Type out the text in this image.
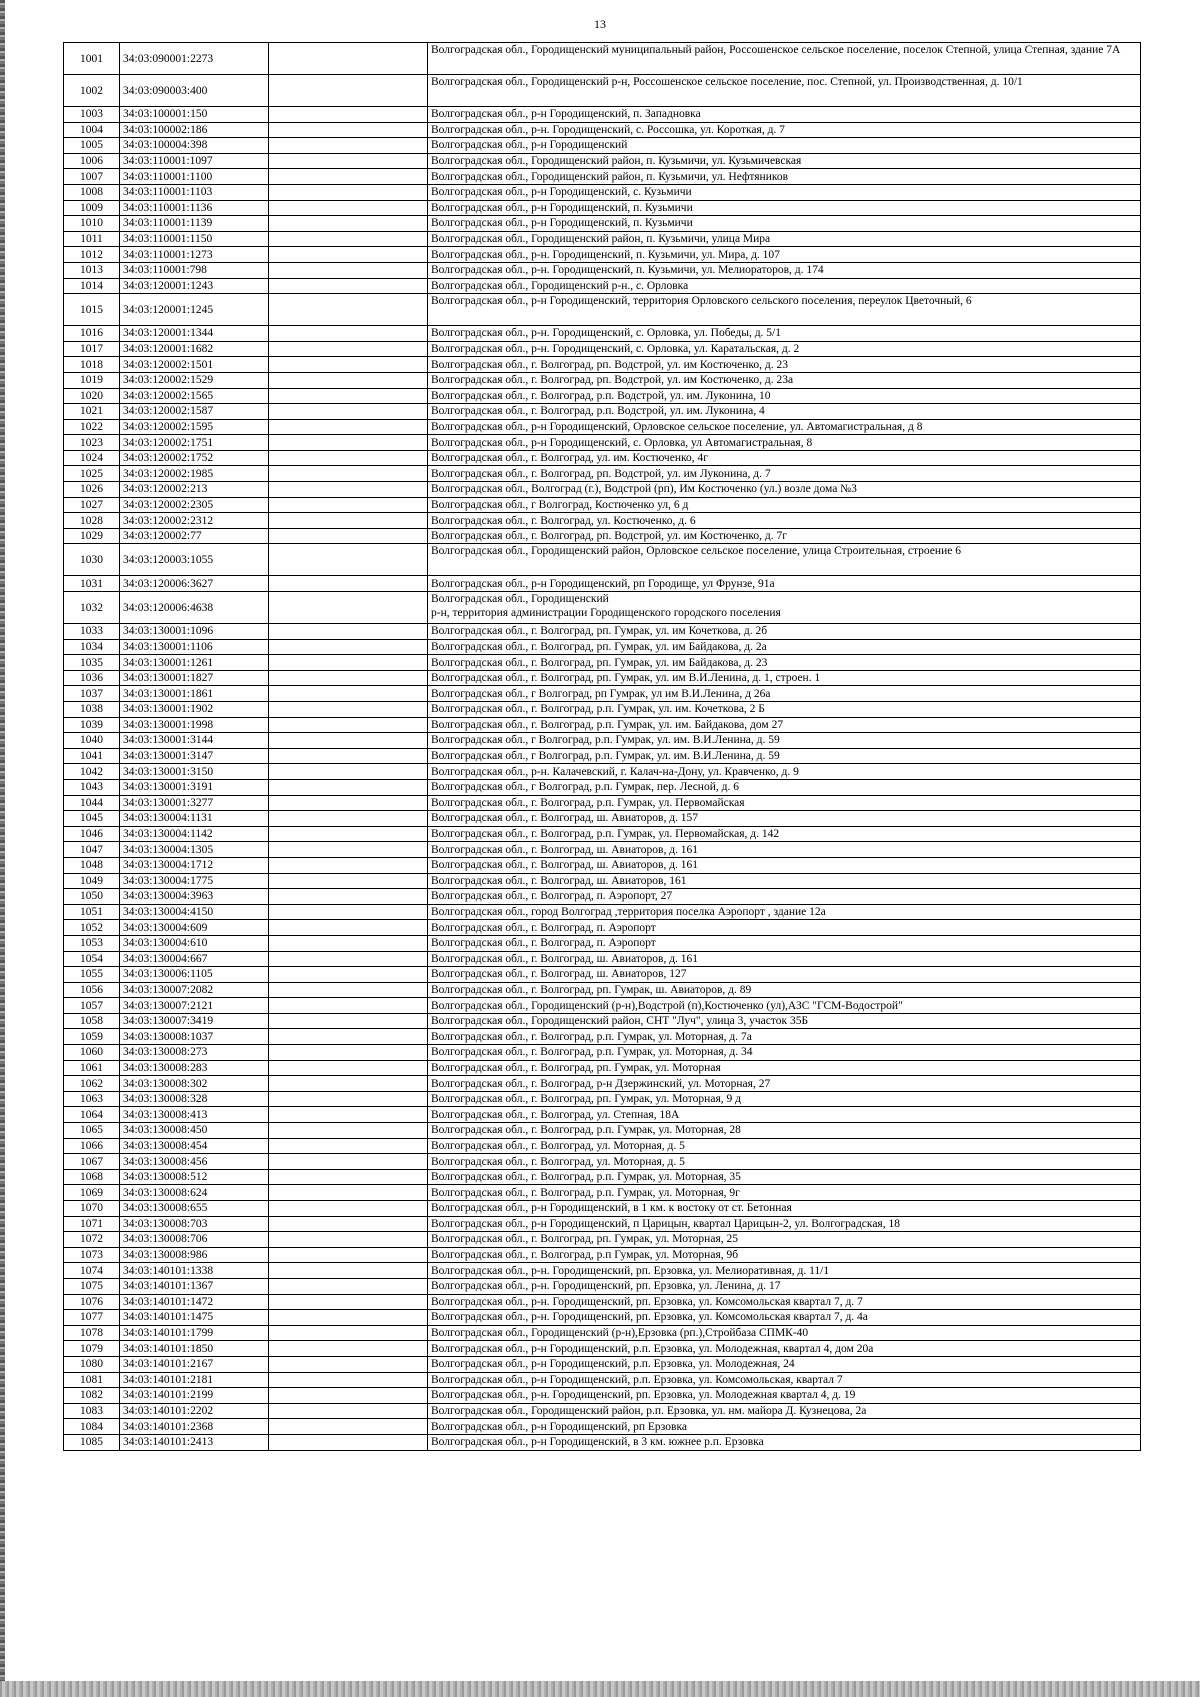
13
1001	34:03:090001:2273		Волгоградская обл., Городищенский муниципальный район, Россошенское сельское поселение, поселок Степной, улица Степная, здание 7А
1002	34:03:090003:400		Волгоградская обл., Городищенский р-н, Россошенское сельское поселение, пос. Степной, ул. Производственная, д. 10/1
1003	34:03:100001:150		Волгоградская обл., р-н Городищенский, п. Западновка
1004	34:03:100002:186		Волгоградская обл., р-н. Городищенский, с. Россошка, ул. Короткая, д. 7
1005	34:03:100004:398		Волгоградская обл., р-н Городищенский
1006	34:03:110001:1097		Волгоградская обл., Городищенский район, п. Кузьмичи, ул. Кузьмичевская
1007	34:03:110001:1100		Волгоградская обл., Городищенский район, п. Кузьмичи, ул. Нефтяников
1008	34:03:110001:1103		Волгоградская обл., р-н Городищенский, с. Кузьмичи
1009	34:03:110001:1136		Волгоградская обл., р-н Городищенский, п. Кузьмичи
1010	34:03:110001:1139		Волгоградская обл., р-н Городищенский, п. Кузьмичи
1011	34:03:110001:1150		Волгоградская обл., Городищенский район, п. Кузьмичи, улица Мира
1012	34:03:110001:1273		Волгоградская обл., р-н. Городищенский, п. Кузьмичи, ул. Мира, д. 107
1013	34:03:110001:798		Волгоградская обл., р-н. Городищенский, п. Кузьмичи, ул. Мелиораторов, д. 174
1014	34:03:120001:1243		Волгоградская обл., Городищенский р-н., с. Орловка
1015	34:03:120001:1245		Волгоградская обл., р-н Городищенский, территория Орловского сельского поселения, переулок Цветочный, 6
1016	34:03:120001:1344		Волгоградская обл., р-н. Городищенский, с. Орловка, ул. Победы, д. 5/1
1017	34:03:120001:1682		Волгоградская обл., р-н. Городищенский, с. Орловка, ул. Каратальская, д. 2
1018	34:03:120002:1501		Волгоградская обл., г. Волгоград, рп. Водстрой, ул. им Костюченко, д. 23
1019	34:03:120002:1529		Волгоградская обл., г. Волгоград, рп. Водстрой, ул. им Костюченко, д. 23а
1020	34:03:120002:1565		Волгоградская обл., г. Волгоград, р.п. Водстрой, ул. им. Луконина, 10
1021	34:03:120002:1587		Волгоградская обл., г. Волгоград, р.п. Водстрой, ул. им. Луконина, 4
1022	34:03:120002:1595		Волгоградская обл., р-н Городищенский, Орловское сельское поселение, ул. Автомагистральная, д 8
1023	34:03:120002:1751		Волгоградская обл., р-н Городищенский, с. Орловка, ул Автомагистральная, 8
1024	34:03:120002:1752		Волгоградская обл., г. Волгоград, ул. им. Костюченко, 4г
1025	34:03:120002:1985		Волгоградская обл., г. Волгоград, рп. Водстрой, ул. им Луконина, д. 7
1026	34:03:120002:213		Волгоградская обл., Волгоград (г.), Водстрой (рп), Им Костюченко (ул.) возле дома №3
1027	34:03:120002:2305		Волгоградская обл., г Волгоград, Костюченко ул, 6 д
1028	34:03:120002:2312		Волгоградская обл., г. Волгоград, ул. Костюченко, д. 6
1029	34:03:120002:77		Волгоградская обл., г. Волгоград, рп. Водстрой, ул. им Костюченко, д. 7г
1030	34:03:120003:1055		Волгоградская обл., Городищенский район, Орловское сельское поселение, улица Строительная, строение 6
1031	34:03:120006:3627		Волгоградская обл., р-н Городищенский, рп Городище, ул Фрунзе, 91а
1032	34:03:120006:4638		Волгоградская обл., Городищенский
р-н, территория администрации Городищенского городского поселения
1033	34:03:130001:1096		Волгоградская обл., г. Волгоград, рп. Гумрак, ул. им Кочеткова, д. 2б
1034	34:03:130001:1106		Волгоградская обл., г. Волгоград, рп. Гумрак, ул. им Байдакова, д. 2а
1035	34:03:130001:1261		Волгоградская обл., г. Волгоград, рп. Гумрак, ул. им Байдакова, д. 23
1036	34:03:130001:1827		Волгоградская обл., г. Волгоград, рп. Гумрак, ул. им В.И.Ленина, д. 1, строен. 1
1037	34:03:130001:1861		Волгоградская обл., г Волгоград, рп Гумрак, ул им В.И.Ленина, д 26а
1038	34:03:130001:1902		Волгоградская обл., г. Волгоград, р.п. Гумрак, ул. им. Кочеткова, 2 Б
1039	34:03:130001:1998		Волгоградская обл., г. Волгоград, р.п. Гумрак, ул. им. Байдакова, дом 27
1040	34:03:130001:3144		Волгоградская обл., г Волгоград, р.п. Гумрак, ул. им. В.И.Ленина, д. 59
1041	34:03:130001:3147		Волгоградская обл., г Волгоград, р.п. Гумрак, ул. им. В.И.Ленина, д. 59
1042	34:03:130001:3150		Волгоградская обл., р-н. Калачевский, г. Калач-на-Дону, ул. Кравченко, д. 9
1043	34:03:130001:3191		Волгоградская обл., г Волгоград, р.п. Гумрак, пер. Лесной, д. 6
1044	34:03:130001:3277		Волгоградская обл., г. Волгоград, р.п. Гумрак, ул. Первомайская
1045	34:03:130004:1131		Волгоградская обл., г. Волгоград, ш. Авиаторов, д. 157
1046	34:03:130004:1142		Волгоградская обл., г. Волгоград, р.п. Гумрак, ул. Первомайская, д. 142
1047	34:03:130004:1305		Волгоградская обл., г. Волгоград, ш. Авиаторов, д. 161
1048	34:03:130004:1712		Волгоградская обл., г. Волгоград, ш. Авиаторов, д. 161
1049	34:03:130004:1775		Волгоградская обл., г. Волгоград, ш. Авиаторов, 161
1050	34:03:130004:3963		Волгоградская обл., г. Волгоград, п. Аэропорт, 27
1051	34:03:130004:4150		Волгоградская обл., город Волгоград ,территория поселка Аэропорт , здание 12а
1052	34:03:130004:609		Волгоградская обл., г. Волгоград, п. Аэропорт
1053	34:03:130004:610		Волгоградская обл., г. Волгоград, п. Аэропорт
1054	34:03:130004:667		Волгоградская обл., г. Волгоград, ш. Авиаторов, д. 161
1055	34:03:130006:1105		Волгоградская обл., г. Волгоград, ш. Авиаторов, 127
1056	34:03:130007:2082		Волгоградская обл., г. Волгоград, рп. Гумрак, ш. Авиаторов, д. 89
1057	34:03:130007:2121		Волгоградская обл., Городищенский (р-н),Водстрой (п),Костюченко (ул),АЗС "ГСМ-Водострой"
1058	34:03:130007:3419		Волгоградская обл., Городищенский район, СНТ "Луч", улица 3, участок 35Б
1059	34:03:130008:1037		Волгоградская обл., г. Волгоград, р.п. Гумрак, ул. Моторная, д. 7а
1060	34:03:130008:273		Волгоградская обл., г. Волгоград, р.п. Гумрак, ул. Моторная, д. 34
1061	34:03:130008:283		Волгоградская обл., г. Волгоград, рп. Гумрак, ул. Моторная
1062	34:03:130008:302		Волгоградская обл., г. Волгоград, р-н Дзержинский, ул. Моторная, 27
1063	34:03:130008:328		Волгоградская обл., г. Волгоград, рп. Гумрак, ул. Моторная, 9 д
1064	34:03:130008:413		Волгоградская обл., г. Волгоград, ул. Степная, 18А
1065	34:03:130008:450		Волгоградская обл., г. Волгоград, р.п. Гумрак, ул. Моторная, 28
1066	34:03:130008:454		Волгоградская обл., г. Волгоград, ул. Моторная, д. 5
1067	34:03:130008:456		Волгоградская обл., г. Волгоград, ул. Моторная, д. 5
1068	34:03:130008:512		Волгоградская обл., г. Волгоград, р.п. Гумрак, ул. Моторная, 35
1069	34:03:130008:624		Волгоградская обл., г. Волгоград, р.п. Гумрак, ул. Моторная, 9г
1070	34:03:130008:655		Волгоградская обл., р-н Городищенский, в 1 км. к востоку от ст. Бетонная
1071	34:03:130008:703		Волгоградская обл., р-н Городищенский, п Царицын, квартал Царицын-2, ул. Волгоградская, 18
1072	34:03:130008:706		Волгоградская обл., г. Волгоград, рп. Гумрак, ул. Моторная, 25
1073	34:03:130008:986		Волгоградская обл., г. Волгоград, р.п Гумрак, ул. Моторная, 9б
1074	34:03:140101:1338		Волгоградская обл., р-н. Городищенский, рп. Ерзовка, ул. Мелиоративная, д. 11/1
1075	34:03:140101:1367		Волгоградская обл., р-н. Городищенский, рп. Ерзовка, ул. Ленина, д. 17
1076	34:03:140101:1472		Волгоградская обл., р-н. Городищенский, рп. Ерзовка, ул. Комсомольская квартал 7, д. 7
1077	34:03:140101:1475		Волгоградская обл., р-н. Городищенский, рп. Ерзовка, ул. Комсомольская квартал 7, д. 4а
1078	34:03:140101:1799		Волгоградская обл., Городищенский (р-н),Ерзовка (рп.),Стройбаза СПМК-40
1079	34:03:140101:1850		Волгоградская обл., р-н Городищенский, р.п. Ерзовка, ул. Молодежная, квартал 4, дом 20а
1080	34:03:140101:2167		Волгоградская обл., р-н Городищенский, р.п. Ерзовка, ул. Молодежная, 24
1081	34:03:140101:2181		Волгоградская обл., р-н Городищенский, р.п. Ерзовка, ул. Комсомольская, квартал 7
1082	34:03:140101:2199		Волгоградская обл., р-н. Городищенский, рп. Ерзовка, ул. Молодежная квартал 4, д. 19
1083	34:03:140101:2202		Волгоградская обл., Городищенский район, р.п. Ерзовка, ул. нм. майора Д. Кузнецова, 2а
1084	34:03:140101:2368		Волгоградская обл., р-н Городищенский, рп Ерзовка
1085	34:03:140101:2413		Волгоградская обл., р-н Городищенский, в 3 км. южнее р.п. Ерзовка
